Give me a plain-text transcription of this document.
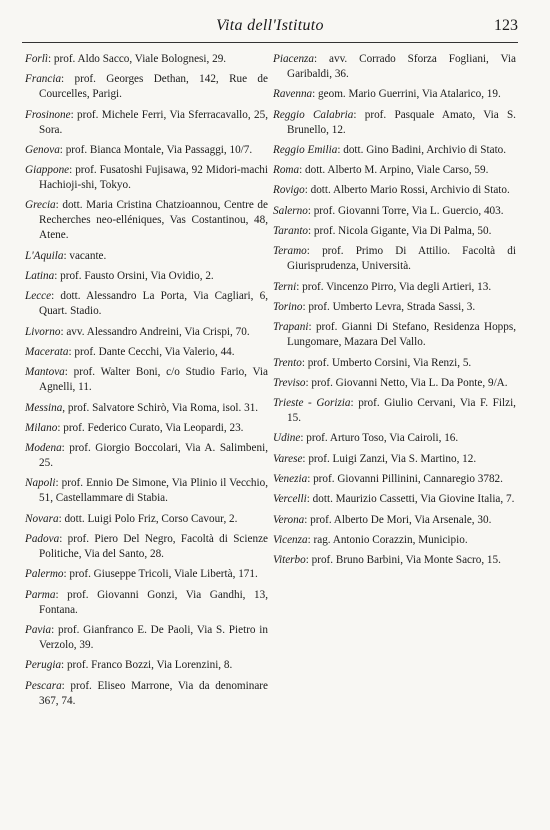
Vita dell'Istituto	123
Forlì: prof. Aldo Sacco, Viale Bolognesi, 29.
Francia: prof. Georges Dethan, 142, Rue de Courcelles, Parigi.
Frosinone: prof. Michele Ferri, Via Sferracavallo, 25, Sora.
Genova: prof. Bianca Montale, Via Passaggi, 10/7.
Giappone: prof. Fusatoshi Fujisawa, 92 Midori-machi Hachioji-shi, Tokyo.
Grecia: dott. Maria Cristina Chatzioannou, Centre de Recherches neo-elléniques, Vas Costantinou, 48, Atene.
L'Aquila: vacante.
Latina: prof. Fausto Orsini, Via Ovidio, 2.
Lecce: dott. Alessandro La Porta, Via Cagliari, 6, Quart. Stadio.
Livorno: avv. Alessandro Andreini, Via Crispi, 70.
Macerata: prof. Dante Cecchi, Via Valerio, 44.
Mantova: prof. Walter Boni, c/o Studio Fario, Via Agnelli, 11.
Messina, prof. Salvatore Schirò, Via Roma, isol. 31.
Milano: prof. Federico Curato, Via Leopardi, 23.
Modena: prof. Giorgio Boccolari, Via A. Salimbeni, 25.
Napoli: prof. Ennio De Simone, Via Plinio il Vecchio, 51, Castellammare di Stabia.
Novara: dott. Luigi Polo Friz, Corso Cavour, 2.
Padova: prof. Piero Del Negro, Facoltà di Scienze Politiche, Via del Santo, 28.
Palermo: prof. Giuseppe Tricoli, Viale Libertà, 171.
Parma: prof. Giovanni Gonzi, Via Gandhi, 13, Fontana.
Pavia: prof. Gianfranco E. De Paoli, Via S. Pietro in Verzolo, 39.
Perugia: prof. Franco Bozzi, Via Lorenzini, 8.
Pescara: prof. Eliseo Marrone, Via da denominare 367, 74.
Piacenza: avv. Corrado Sforza Fogliani, Via Garibaldi, 36.
Ravenna: geom. Mario Guerrini, Via Atalarico, 19.
Reggio Calabria: prof. Pasquale Amato, Via S. Brunello, 12.
Reggio Emilia: dott. Gino Badini, Archivio di Stato.
Roma: dott. Alberto M. Arpino, Viale Carso, 59.
Rovigo: dott. Alberto Mario Rossi, Archivio di Stato.
Salerno: prof. Giovanni Torre, Via L. Guercio, 403.
Taranto: prof. Nicola Gigante, Via Di Palma, 50.
Teramo: prof. Primo Di Attilio. Facoltà di Giurisprudenza, Università.
Terni: prof. Vincenzo Pirro, Via degli Artieri, 13.
Torino: prof. Umberto Levra, Strada Sassi, 3.
Trapani: prof. Gianni Di Stefano, Residenza Hopps, Lungomare, Mazara Del Vallo.
Trento: prof. Umberto Corsini, Via Renzi, 5.
Treviso: prof. Giovanni Netto, Via L. Da Ponte, 9/A.
Trieste - Gorizia: prof. Giulio Cervani, Via F. Filzi, 15.
Udine: prof. Arturo Toso, Via Cairoli, 16.
Varese: prof. Luigi Zanzi, Via S. Martino, 12.
Venezia: prof. Giovanni Pillinini, Cannaregio 3782.
Vercelli: dott. Maurizio Cassetti, Via Giovine Italia, 7.
Verona: prof. Alberto De Mori, Via Arsenale, 30.
Vicenza: rag. Antonio Corazzin, Municipio.
Viterbo: prof. Bruno Barbini, Via Monte Sacro, 15.
